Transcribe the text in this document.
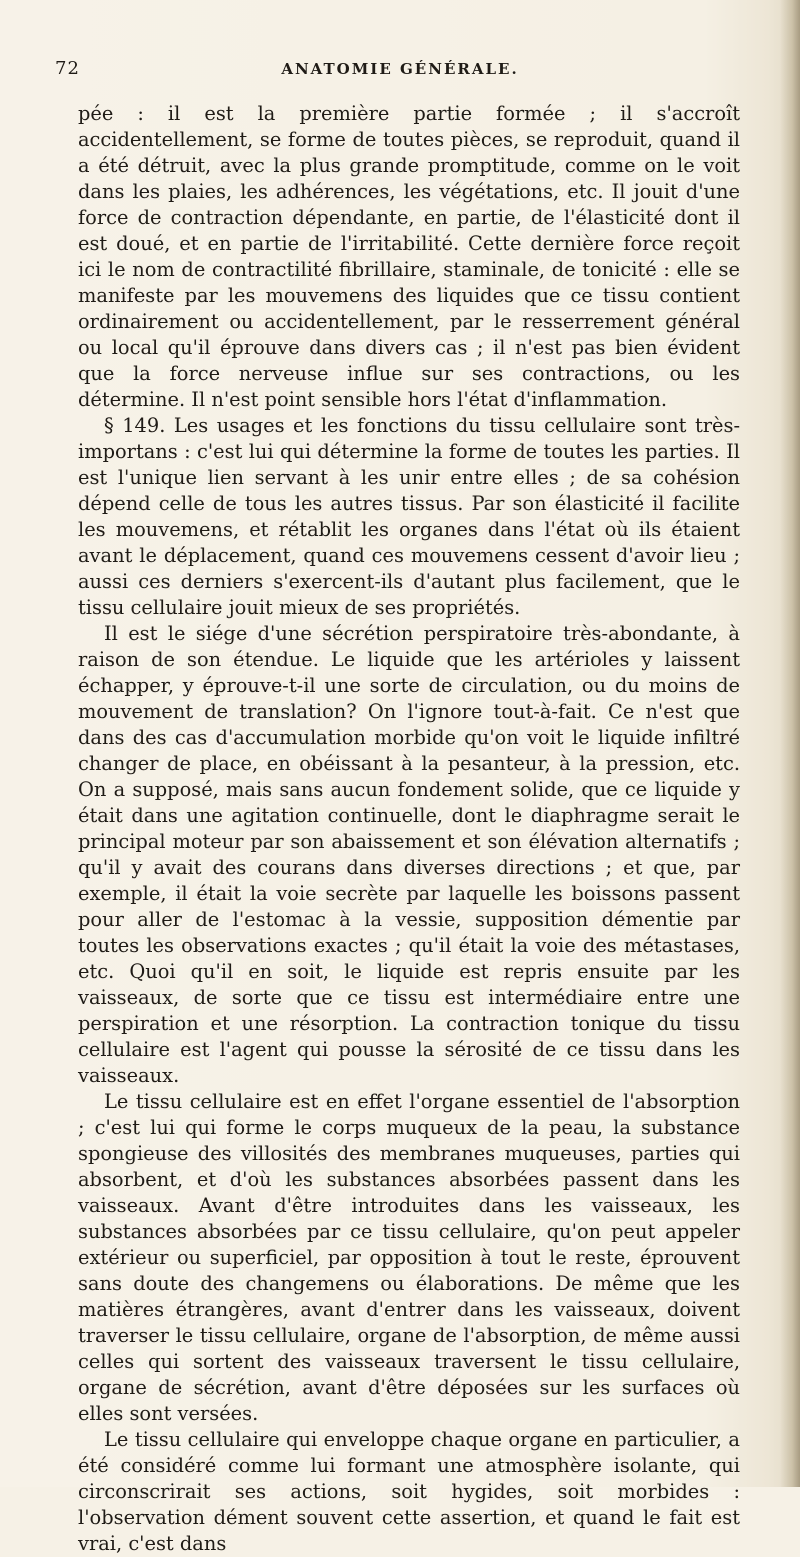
72	ANATOMIE GÉNÉRALE.

pée : il est la première partie formée ; il s'accroît accidentellement, se forme de toutes pièces, se reproduit, quand il a été détruit, avec la plus grande promptitude, comme on le voit dans les plaies, les adhérences, les végétations, etc. Il jouit d'une force de contraction dépendante, en partie, de l'élasticité dont il est doué, et en partie de l'irritabilité. Cette dernière force reçoit ici le nom de contractilité fibrillaire, staminale, de tonicité : elle se manifeste par les mouvemens des liquides que ce tissu contient ordinairement ou accidentellement, par le resserrement général ou local qu'il éprouve dans divers cas ; il n'est pas bien évident que la force nerveuse influe sur ses contractions, ou les détermine. Il n'est point sensible hors l'état d'inflammation.

§ 149. Les usages et les fonctions du tissu cellulaire sont très-importans : c'est lui qui détermine la forme de toutes les parties. Il est l'unique lien servant à les unir entre elles ; de sa cohésion dépend celle de tous les autres tissus. Par son élasticité il facilite les mouvemens, et rétablit les organes dans l'état où ils étaient avant le déplacement, quand ces mouvemens cessent d'avoir lieu ; aussi ces derniers s'exercent-ils d'autant plus facilement, que le tissu cellulaire jouit mieux de ses propriétés.

Il est le siége d'une sécrétion perspiratoire très-abondante, à raison de son étendue. Le liquide que les artérioles y laissent échapper, y éprouve-t-il une sorte de circulation, ou du moins de mouvement de translation? On l'ignore tout-à-fait. Ce n'est que dans des cas d'accumulation morbide qu'on voit le liquide infiltré changer de place, en obéissant à la pesanteur, à la pression, etc. On a supposé, mais sans aucun fondement solide, que ce liquide y était dans une agitation continuelle, dont le diaphragme serait le principal moteur par son abaissement et son élévation alternatifs ; qu'il y avait des courans dans diverses directions ; et que, par exemple, il était la voie secrète par laquelle les boissons passent pour aller de l'estomac à la vessie, supposition démentie par toutes les observations exactes ; qu'il était la voie des métastases, etc. Quoi qu'il en soit, le liquide est repris ensuite par les vaisseaux, de sorte que ce tissu est intermédiaire entre une perspiration et une résorption. La contraction tonique du tissu cellulaire est l'agent qui pousse la sérosité de ce tissu dans les vaisseaux.

Le tissu cellulaire est en effet l'organe essentiel de l'absorption ; c'est lui qui forme le corps muqueux de la peau, la substance spongieuse des villosités des membranes muqueuses, parties qui absorbent, et d'où les substances absorbées passent dans les vaisseaux. Avant d'être introduites dans les vaisseaux, les substances absorbées par ce tissu cellulaire, qu'on peut appeler extérieur ou superficiel, par opposition à tout le reste, éprouvent sans doute des changemens ou élaborations. De même que les matières étrangères, avant d'entrer dans les vaisseaux, doivent traverser le tissu cellulaire, organe de l'absorption, de même aussi celles qui sortent des vaisseaux traversent le tissu cellulaire, organe de sécrétion, avant d'être déposées sur les surfaces où elles sont versées.

Le tissu cellulaire qui enveloppe chaque organe en particulier, a été considéré comme lui formant une atmosphère isolante, qui circonscrirait ses actions, soit hygides, soit morbides : l'observation dément souvent cette assertion, et quand le fait est vrai, c'est dans
